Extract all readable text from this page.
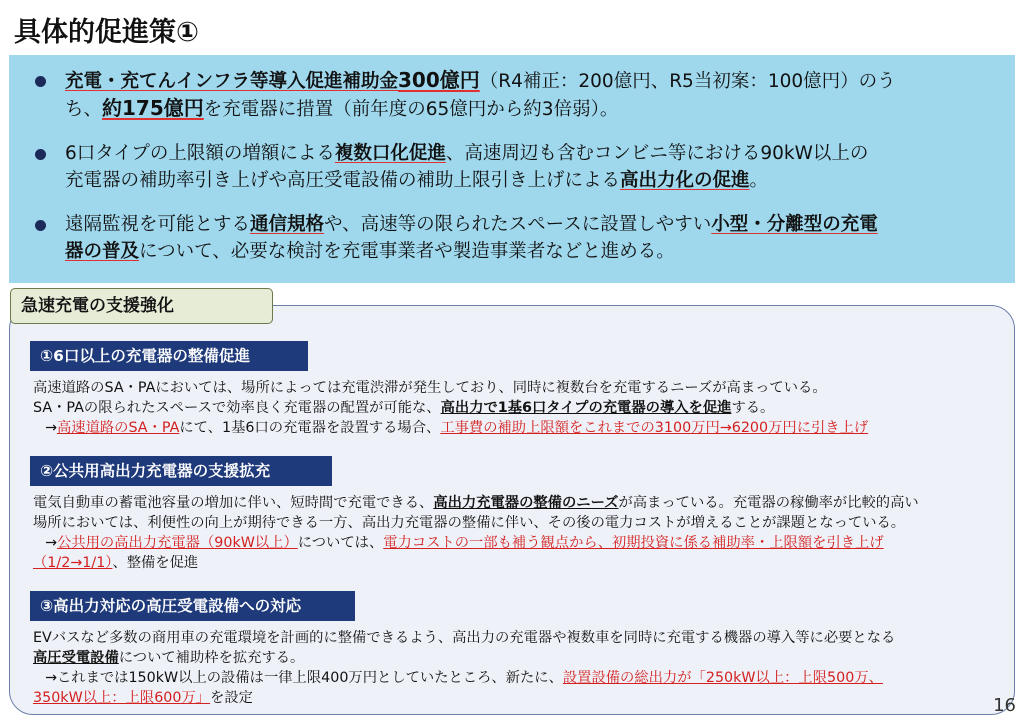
具体的促進策①
充電・充てんインフラ等導入促進補助金300億円（R4補正：200億円、R5当初案：100億円）のう
ち、約175億円を充電器に措置（前年度の65億円から約3倍弱）。
6口タイプの上限額の増額による複数口化促進、高速周辺も含むコンビニ等における90kW以上の
充電器の補助率引き上げや高圧受電設備の補助上限引き上げによる高出力化の促進。
遠隔監視を可能とする通信規格や、高速等の限られたスペースに設置しやすい小型・分離型の充電
器の普及について、必要な検討を充電事業者や製造事業者などと進める。
急速充電の支援強化
①6口以上の充電器の整備促進
高速道路のSA・PAにおいては、場所によっては充電渋滞が発生しており、同時に複数台を充電するニーズが高まっている。
SA・PAの限られたスペースで効率良く充電器の配置が可能な、高出力で1基6口タイプの充電器の導入を促進する。
→高速道路のSA・PAにて、1基6口の充電器を設置する場合、工事費の補助上限額をこれまでの3100万円→6200万円に引き上げ
②公共用高出力充電器の支援拡充
電気自動車の蓄電池容量の増加に伴い、短時間で充電できる、高出力充電器の整備のニーズが高まっている。充電器の稼働率が比較的高い
場所においては、利便性の向上が期待できる一方、高出力充電器の整備に伴い、その後の電力コストが増えることが課題となっている。
→公共用の高出力充電器（90kW以上）については、電力コストの一部も補う観点から、初期投資に係る補助率・上限額を引き上げ
（1/2→1/1）、整備を促進
③高出力対応の高圧受電設備への対応
EVバスなど多数の商用車の充電環境を計画的に整備できるよう、高出力の充電器や複数車を同時に充電する機器の導入等に必要となる
高圧受電設備について補助枠を拡充する。
→これまでは150kW以上の設備は一律上限400万円としていたところ、新たに、設置設備の総出力が「250kW以上：上限500万、
350kW以上：上限600万」を設定	16
